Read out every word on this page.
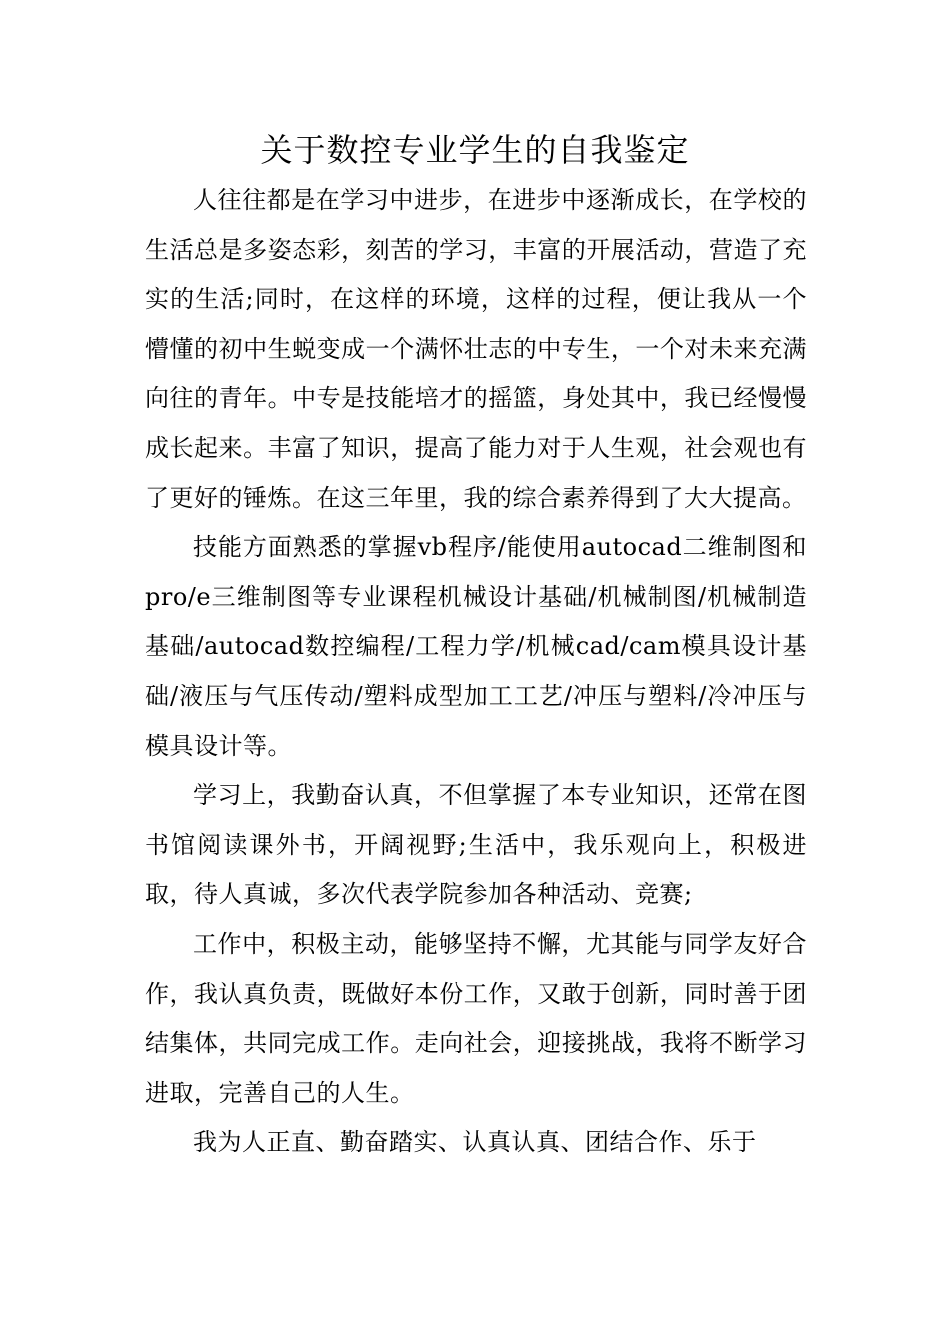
关于数控专业学生的自我鉴定

人往往都是在学习中进步，在进步中逐渐成长，在学校的生活总是多姿态彩，刻苦的学习，丰富的开展活动，营造了充实的生活;同时，在这样的环境，这样的过程，便让我从一个懵懂的初中生蜕变成一个满怀壮志的中专生，一个对未来充满向往的青年。中专是技能培才的摇篮，身处其中，我已经慢慢成长起来。丰富了知识，提高了能力对于人生观，社会观也有了更好的锤炼。在这三年里，我的综合素养得到了大大提高。

技能方面熟悉的掌握vb程序/能使用autocad二维制图和pro/e三维制图等专业课程机械设计基础/机械制图/机械制造基础/autocad数控编程/工程力学/机械cad/cam模具设计基础/液压与气压传动/塑料成型加工工艺/冲压与塑料/冷冲压与模具设计等。

学习上，我勤奋认真，不但掌握了本专业知识，还常在图书馆阅读课外书，开阔视野;生活中，我乐观向上，积极进取，待人真诚，多次代表学院参加各种活动、竞赛;

工作中，积极主动，能够坚持不懈，尤其能与同学友好合作，我认真负责，既做好本份工作，又敢于创新，同时善于团结集体，共同完成工作。走向社会，迎接挑战，我将不断学习进取，完善自己的人生。

我为人正直、勤奋踏实、认真认真、团结合作、乐于
